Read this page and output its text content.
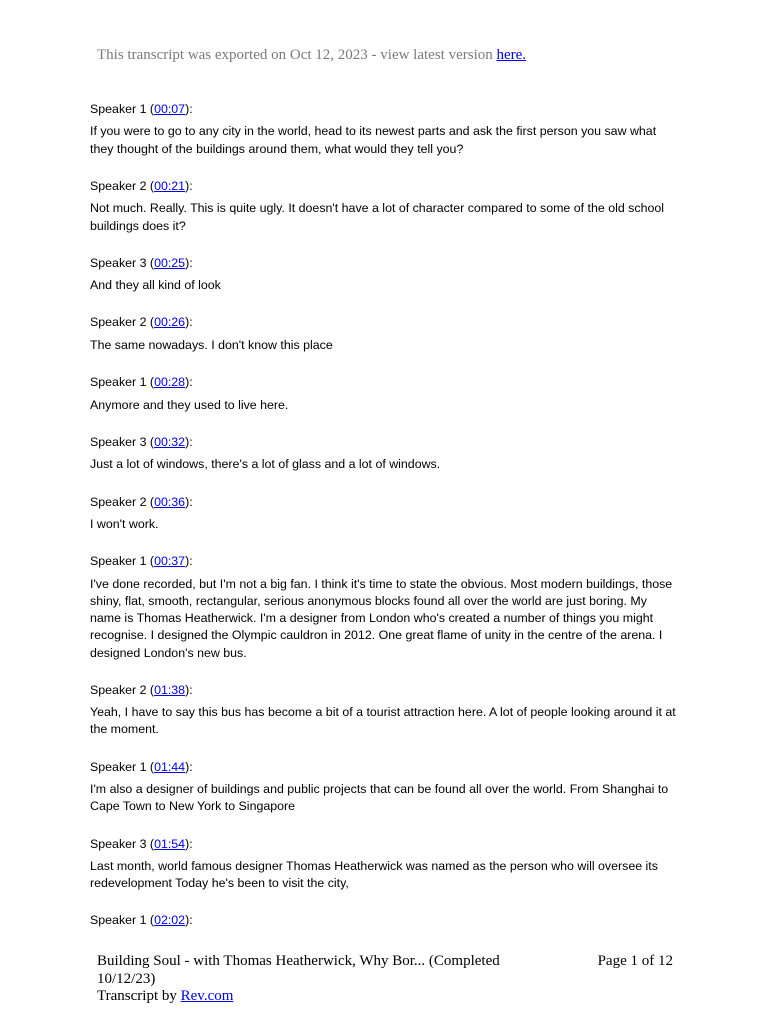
This transcript was exported on Oct 12, 2023 - view latest version here.

Speaker 1 (00:07):

If you were to go to any city in the world, head to its newest parts and ask the first person you saw what they thought of the buildings around them, what would they tell you?

Speaker 2 (00:21):

Not much. Really. This is quite ugly. It doesn't have a lot of character compared to some of the old school buildings does it?

Speaker 3 (00:25):

And they all kind of look

Speaker 2 (00:26):

The same nowadays. I don't know this place

Speaker 1 (00:28):

Anymore and they used to live here.

Speaker 3 (00:32):

Just a lot of windows, there's a lot of glass and a lot of windows.

Speaker 2 (00:36):

I won't work.

Speaker 1 (00:37):

I've done recorded, but I'm not a big fan. I think it's time to state the obvious. Most modern buildings, those shiny, flat, smooth, rectangular, serious anonymous blocks found all over the world are just boring. My name is Thomas Heatherwick. I'm a designer from London who's created a number of things you might recognise. I designed the Olympic cauldron in 2012. One great flame of unity in the centre of the arena. I designed London's new bus.

Speaker 2 (01:38):

Yeah, I have to say this bus has become a bit of a tourist attraction here. A lot of people looking around it at the moment.

Speaker 1 (01:44):

I'm also a designer of buildings and public projects that can be found all over the world. From Shanghai to Cape Town to New York to Singapore

Speaker 3 (01:54):

Last month, world famous designer Thomas Heatherwick was named as the person who will oversee its redevelopment Today he's been to visit the city,

Speaker 1 (02:02):

Building Soul - with Thomas Heatherwick, Why Bor... (Completed 10/12/23)
Page 1 of 12
Transcript by Rev.com
